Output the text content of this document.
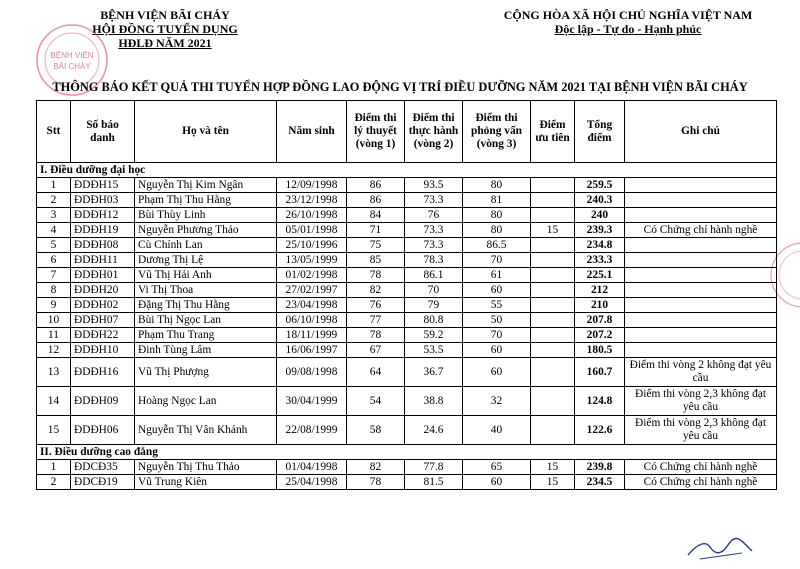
BỆNH VIỆN BÃI CHÁY
HỘI ĐỒNG TUYỂN DỤNG
HĐLĐ NĂM 2021
BỆNH VIỆN
BÃI CHÁY
CỘNG HÒA XÃ HỘI CHỦ NGHĨA VIỆT NAM
Độc lập - Tự do - Hạnh phúc
THÔNG BÁO KẾT QUẢ THI TUYỂN HỢP ĐỒNG LAO ĐỘNG VỊ TRÍ ĐIỀU DƯỠNG NĂM 2021 TẠI BỆNH VIỆN BÃI CHÁY
Stt	Số báo danh	Họ và tên	Năm sinh	Điểm thi lý thuyết (vòng 1)	Điểm thi thực hành (vòng 2)	Điểm thi phỏng vấn (vòng 3)	Điểm ưu tiên	Tổng điểm	Ghi chú
I. Điều dưỡng đại học									
1	ĐDĐH15	Nguyễn Thị Kim Ngân	12/09/1998	86	93.5	80		259.5	
2	ĐDĐH03	Phạm Thị Thu Hằng	23/12/1998	86	73.3	81		240.3	
3	ĐDĐH12	Bùi Thùy Linh	26/10/1998	84	76	80		240	
4	ĐDĐH19	Nguyễn Phương Thảo	05/01/1998	71	73.3	80	15	239.3	Có Chứng chỉ hành nghề
5	ĐDĐH08	Cù Chính Lan	25/10/1996	75	73.3	86.5		234.8	
6	ĐDĐH11	Dương Thị Lệ	13/05/1999	85	78.3	70		233.3	
7	ĐDĐH01	Vũ Thị Hải Anh	01/02/1998	78	86.1	61		225.1	
8	ĐDĐH20	Vi Thị Thoa	27/02/1997	82	70	60		212	
9	ĐDĐH02	Đặng Thị Thu Hằng	23/04/1998	76	79	55		210	
10	ĐDĐH07	Bùi Thị Ngọc Lan	06/10/1998	77	80.8	50		207.8	
11	ĐDĐH22	Phạm Thu Trang	18/11/1999	78	59.2	70		207.2	
12	ĐDĐH10	Đinh Tùng Lâm	16/06/1997	67	53.5	60		180.5	
13	ĐDĐH16	Vũ Thị Phượng	09/08/1998	64	36.7	60		160.7	Điểm thi vòng 2 không đạt yêu cầu
14	ĐDĐH09	Hoàng Ngọc Lan	30/04/1999	54	38.8	32		124.8	Điểm thi vòng 2,3 không đạt yêu cầu
15	ĐDĐH06	Nguyễn Thị Vân Khánh	22/08/1999	58	24.6	40		122.6	Điểm thi vòng 2,3 không đạt yêu cầu
II. Điều dưỡng cao đẳng									
1	ĐDCĐ35	Nguyễn Thị Thu Thảo	01/04/1998	82	77.8	65	15	239.8	Có Chứng chỉ hành nghề
2	ĐDCĐ19	Vũ Trung Kiên	25/04/1998	78	81.5	60	15	234.5	Có Chứng chỉ hành nghề
